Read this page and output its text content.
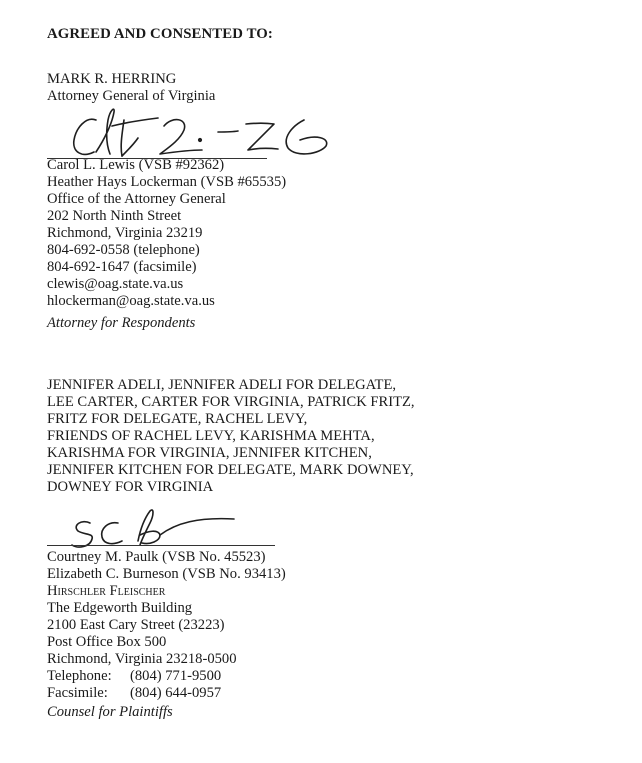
AGREED AND CONSENTED TO:
MARK R. HERRING
Attorney General of Virginia
Carol L. Lewis (VSB #92362)
Heather Hays Lockerman (VSB #65535)
Office of the Attorney General
202 North Ninth Street
Richmond, Virginia 23219
804-692-0558 (telephone)
804-692-1647 (facsimile)
clewis@oag.state.va.us
hlockerman@oag.state.va.us
Attorney for Respondents
JENNIFER ADELI, JENNIFER ADELI FOR DELEGATE,
LEE CARTER, CARTER FOR VIRGINIA, PATRICK FRITZ,
FRITZ FOR DELEGATE, RACHEL LEVY,
FRIENDS OF RACHEL LEVY, KARISHMA MEHTA,
KARISHMA FOR VIRGINIA, JENNIFER KITCHEN,
JENNIFER KITCHEN FOR DELEGATE, MARK DOWNEY,
DOWNEY FOR VIRGINIA
Courtney M. Paulk (VSB No. 45523)
Elizabeth C. Burneson (VSB No. 93413)
Hirschler Fleischer
The Edgeworth Building
2100 East Cary Street (23223)
Post Office Box 500
Richmond, Virginia 23218-0500
Telephone: (804) 771-9500
Facsimile: (804) 644-0957
Counsel for Plaintiffs
